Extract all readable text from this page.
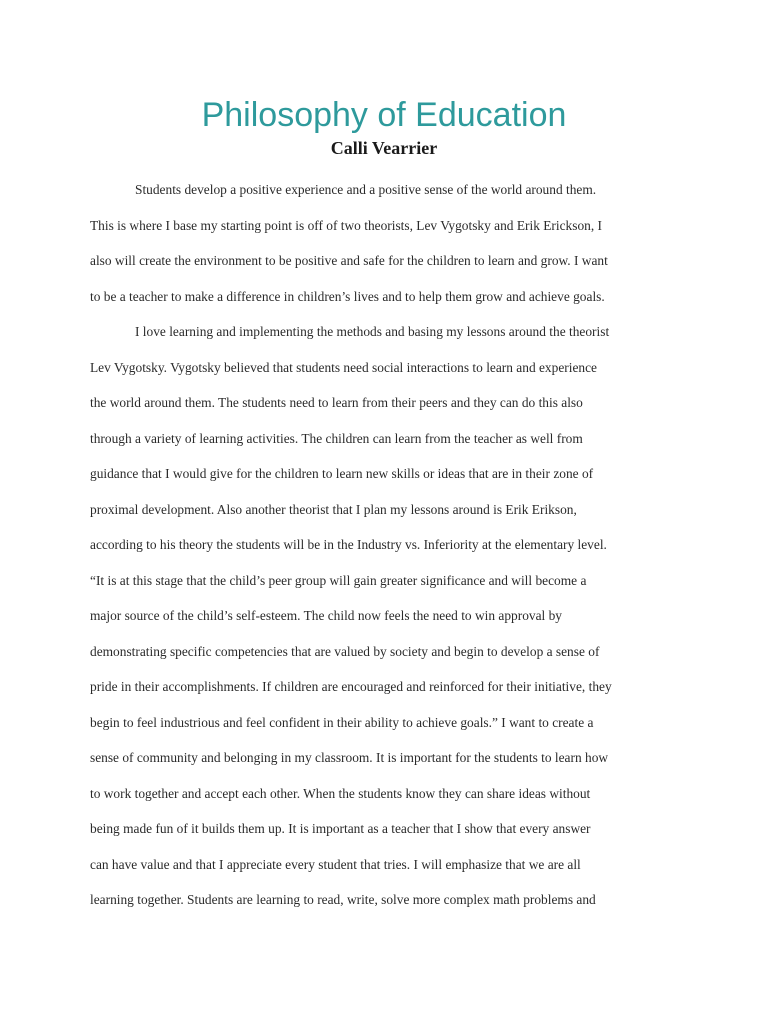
Philosophy of Education
Calli Vearrier
Students develop a positive experience and a positive sense of the world around them.
This is where I base my starting point is off of two theorists, Lev Vygotsky and Erik Erickson, I
also will create the environment to be positive and safe for the children to learn and grow. I want
to be a teacher to make a difference in children’s lives and to help them grow and achieve goals.
I love learning and implementing the methods and basing my lessons around the theorist
Lev Vygotsky. Vygotsky believed that students need social interactions to learn and experience
the world around them. The students need to learn from their peers and they can do this also
through a variety of learning activities. The children can learn from the teacher as well from
guidance that I would give for the children to learn new skills or ideas that are in their zone of
proximal development. Also another theorist that I plan my lessons around is Erik Erikson,
according to his theory the students will be in the Industry vs. Inferiority at the elementary level.
“It is at this stage that the child’s peer group will gain greater significance and will become a
major source of the child’s self-esteem. The child now feels the need to win approval by
demonstrating specific competencies that are valued by society and begin to develop a sense of
pride in their accomplishments. If children are encouraged and reinforced for their initiative, they
begin to feel industrious and feel confident in their ability to achieve goals.” I want to create a
sense of community and belonging in my classroom. It is important for the students to learn how
to work together and accept each other. When the students know they can share ideas without
being made fun of it builds them up. It is important as a teacher that I show that every answer
can have value and that I appreciate every student that tries. I will emphasize that we are all
learning together. Students are learning to read, write, solve more complex math problems and
